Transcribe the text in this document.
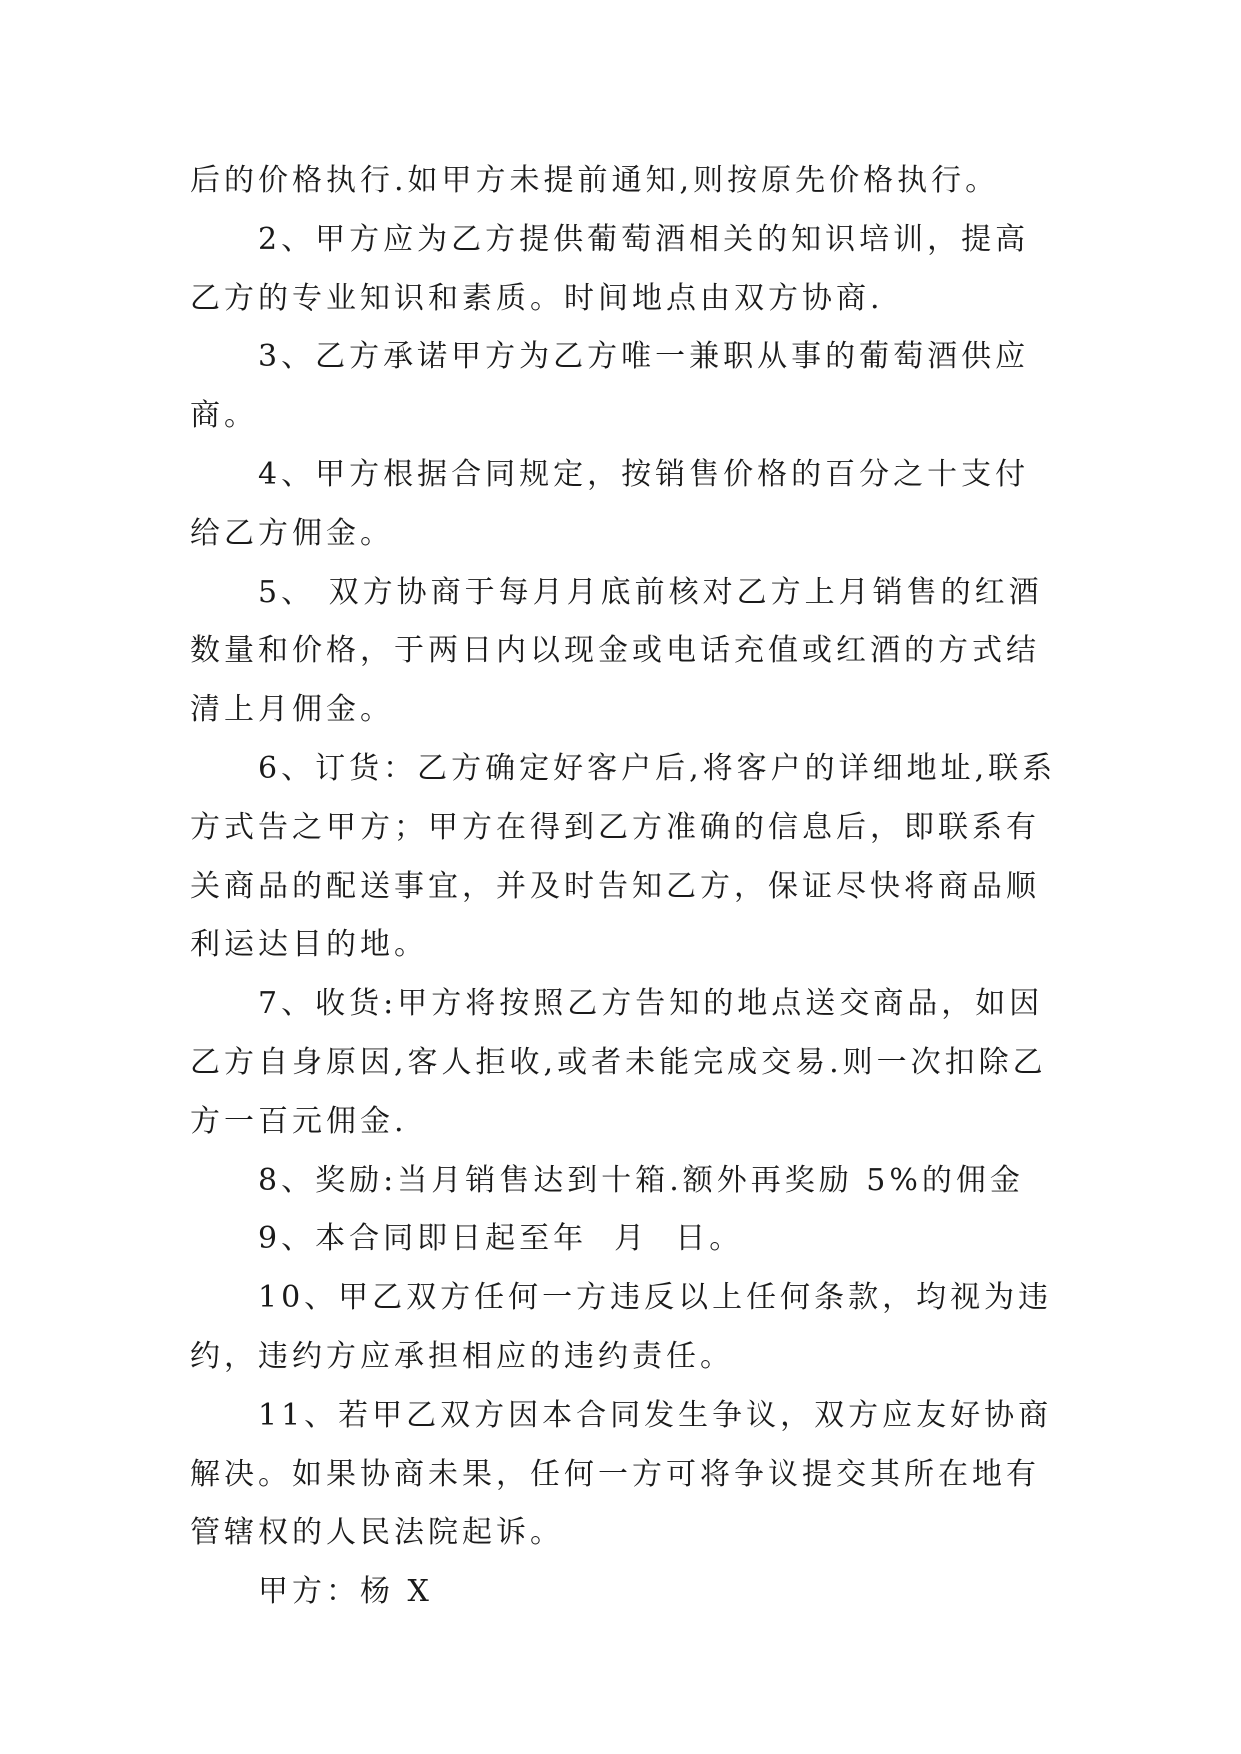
后的价格执行.如甲方未提前通知,则按原先价格执行。

2、甲方应为乙方提供葡萄酒相关的知识培训，提高乙方的专业知识和素质。时间地点由双方协商.

3、乙方承诺甲方为乙方唯一兼职从事的葡萄酒供应商。

4、甲方根据合同规定，按销售价格的百分之十支付给乙方佣金。

5、 双方协商于每月月底前核对乙方上月销售的红酒数量和价格，于两日内以现金或电话充值或红酒的方式结清上月佣金。

6、订货：乙方确定好客户后,将客户的详细地址,联系方式告之甲方；甲方在得到乙方准确的信息后，即联系有关商品的配送事宜，并及时告知乙方，保证尽快将商品顺利运达目的地。

7、收货:甲方将按照乙方告知的地点送交商品，如因乙方自身原因,客人拒收,或者未能完成交易.则一次扣除乙方一百元佣金.

8、奖励:当月销售达到十箱.额外再奖励 5%的佣金

9、本合同即日起至年  月  日。

10、甲乙双方任何一方违反以上任何条款，均视为违约，违约方应承担相应的违约责任。

11、若甲乙双方因本合同发生争议，双方应友好协商解决。如果协商未果，任何一方可将争议提交其所在地有管辖权的人民法院起诉。

甲方：杨 X
